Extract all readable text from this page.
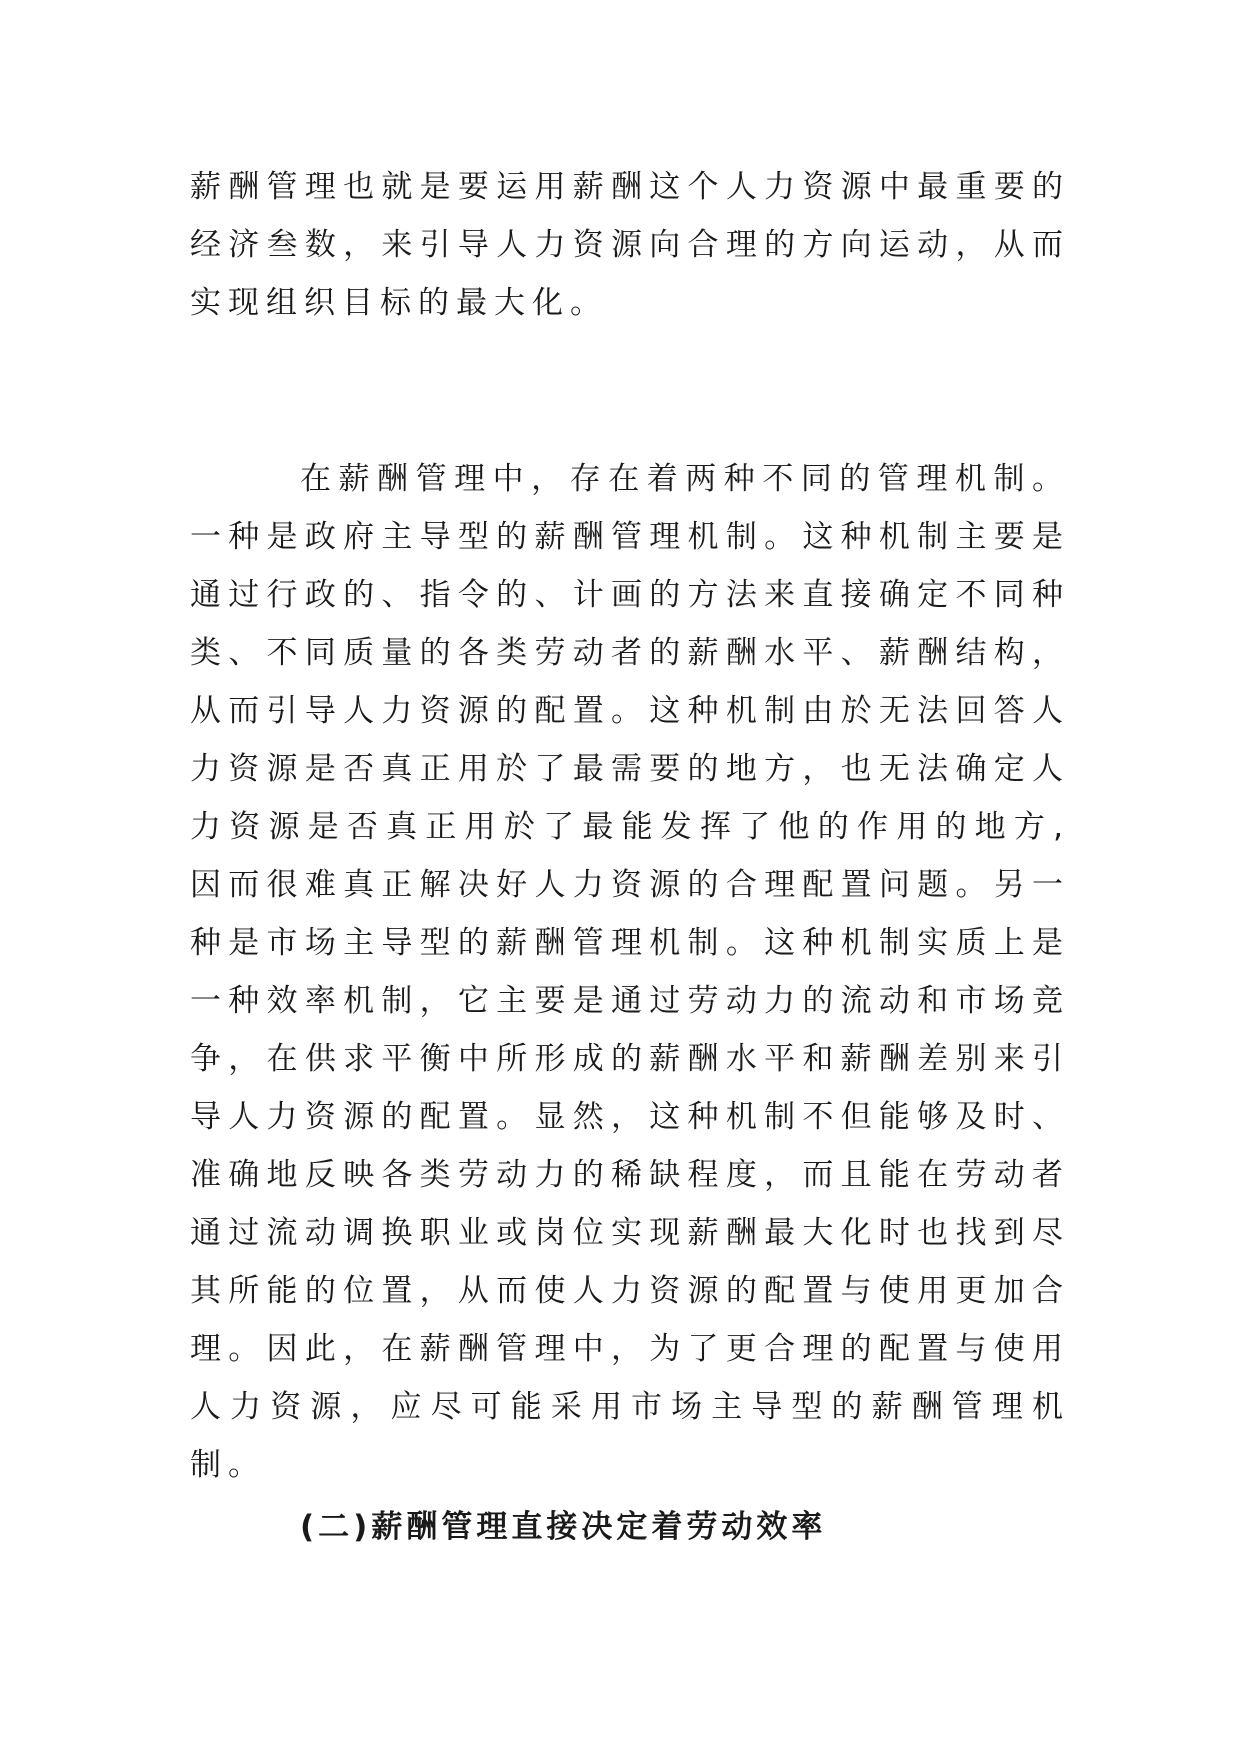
薪酬管理也就是要运用薪酬这个人力资源中最重要的经济叁数，来引导人力资源向合理的方向运动，从而实现组织目标的最大化。

在薪酬管理中，存在着两种不同的管理机制。一种是政府主导型的薪酬管理机制。这种机制主要是通过行政的、指令的、计画的方法来直接确定不同种类、不同质量的各类劳动者的薪酬水平、薪酬结构，从而引导人力资源的配置。这种机制由於无法回答人力资源是否真正用於了最需要的地方，也无法确定人力资源是否真正用於了最能发挥了他的作用的地方,因而很难真正解决好人力资源的合理配置问题。另一种是市场主导型的薪酬管理机制。这种机制实质上是一种效率机制，它主要是通过劳动力的流动和市场竞争，在供求平衡中所形成的薪酬水平和薪酬差别来引导人力资源的配置。显然，这种机制不但能够及时、准确地反映各类劳动力的稀缺程度，而且能在劳动者通过流动调换职业或岗位实现薪酬最大化时也找到尽其所能的位置，从而使人力资源的配置与使用更加合理。因此，在薪酬管理中，为了更合理的配置与使用人力资源，应尽可能采用市场主导型的薪酬管理机制。

(二)薪酬管理直接决定着劳动效率
